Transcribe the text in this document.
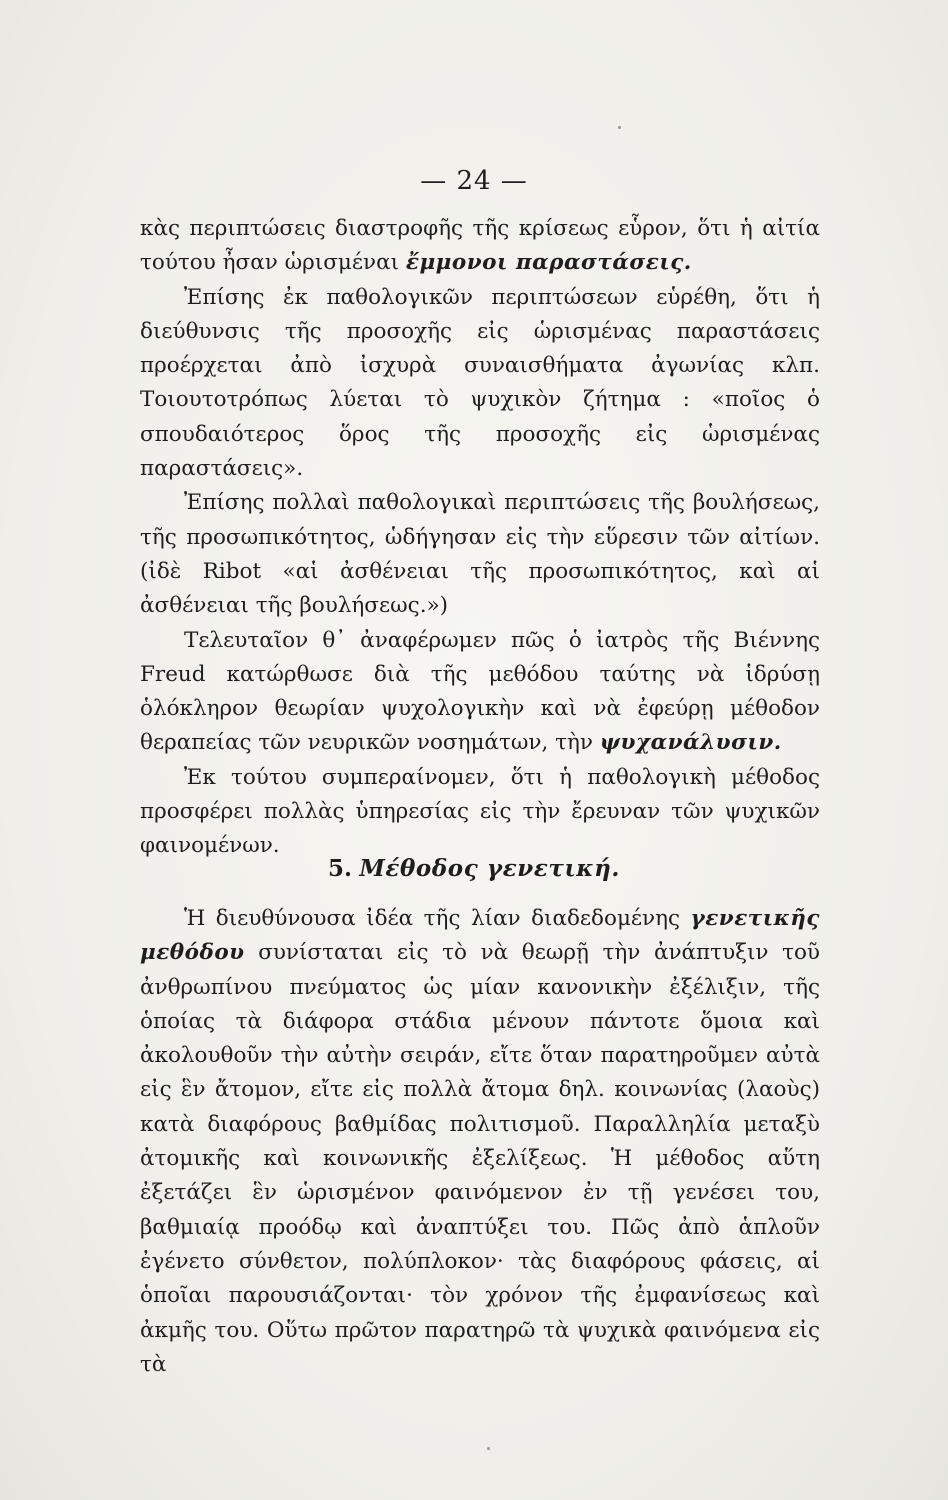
— 24 —

κὰς περιπτώσεις διαστροφῆς τῆς κρίσεως εὗρον, ὅτι ἡ αἰτία τούτου ἦσαν ὡρισμέναι ἔμμονοι παραστάσεις.

Ἐπίσης ἐκ παθολογικῶν περιπτώσεων εὑρέθη, ὅτι ἡ διεύθυνσις τῆς προσοχῆς εἰς ὡρισμένας παραστάσεις προέρχεται ἀπὸ ἰσχυρὰ συναισθήματα ἀγωνίας κλπ. Τοιουτοτρόπως λύεται τὸ ψυχικὸν ζήτημα : «ποῖος ὁ σπουδαιότερος ὅρος τῆς προσοχῆς εἰς ὡρισμένας παραστάσεις».

Ἐπίσης πολλαὶ παθολογικαὶ περιπτώσεις τῆς βουλήσεως, τῆς προσωπικότητος, ὡδήγησαν εἰς τὴν εὕρεσιν τῶν αἰτίων. (ἰδὲ Ribot «αἱ ἀσθένειαι τῆς προσωπικότητος, καὶ αἱ ἀσθένειαι τῆς βουλήσεως.»)

Τελευταῖον θ᾽ ἀναφέρωμεν πῶς ὁ ἰατρὸς τῆς Βιέννης Freud κατώρθωσε διὰ τῆς μεθόδου ταύτης νὰ ἱδρύσῃ ὁλόκληρον θεωρίαν ψυχολογικὴν καὶ νὰ ἐφεύρῃ μέθοδον θεραπείας τῶν νευρικῶν νοσημάτων, τὴν ψυχανάλυσιν.

Ἐκ τούτου συμπεραίνομεν, ὅτι ἡ παθολογικὴ μέθοδος προσφέρει πολλὰς ὑπηρεσίας εἰς τὴν ἔρευναν τῶν ψυχικῶν φαινομένων.

5. Μέθοδος γενετική.

Ἡ διευθύνουσα ἰδέα τῆς λίαν διαδεδομένης γενετικῆς μεθόδου συνίσταται εἰς τὸ νὰ θεωρῇ τὴν ἀνάπτυξιν τοῦ ἀνθρωπίνου πνεύματος ὡς μίαν κανονικὴν ἐξέλιξιν, τῆς ὁποίας τὰ διάφορα στάδια μένουν πάντοτε ὅμοια καὶ ἀκολουθοῦν τὴν αὐτὴν σειράν, εἴτε ὅταν παρατηροῦμεν αὐτὰ εἰς ἓν ἄτομον, εἴτε εἰς πολλὰ ἄτομα δηλ. κοινωνίας (λαοὺς) κατὰ διαφόρους βαθμίδας πολιτισμοῦ. Παραλληλία μεταξὺ ἀτομικῆς καὶ κοινωνικῆς ἐξελίξεως. Ἡ μέθοδος αὕτη ἐξετάζει ἓν ὡρισμένον φαινόμενον ἐν τῇ γενέσει του, βαθμιαίᾳ προόδῳ καὶ ἀναπτύξει του. Πῶς ἀπὸ ἁπλοῦν ἐγένετο σύνθετον, πολύπλοκον· τὰς διαφόρους φάσεις, αἱ ὁποῖαι παρουσιάζονται· τὸν χρόνον τῆς ἐμφανίσεως καὶ ἀκμῆς του. Οὕτω πρῶτον παρατηρῶ τὰ ψυχικὰ φαινόμενα εἰς τὰ
